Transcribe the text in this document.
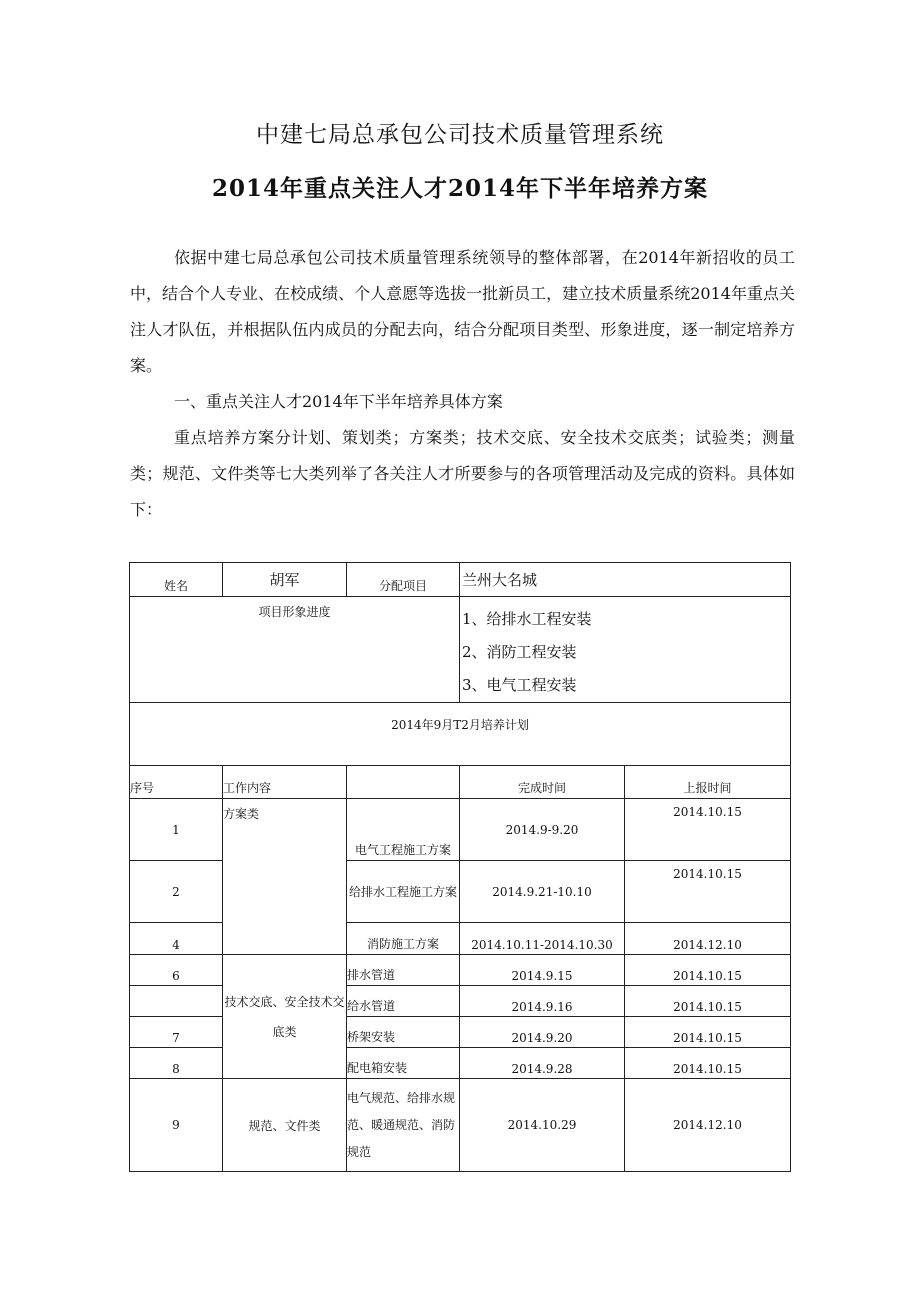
中建七局总承包公司技术质量管理系统
2014年重点关注人才2014年下半年培养方案
依据中建七局总承包公司技术质量管理系统领导的整体部署，在2014年新招收的员工中，结合个人专业、在校成绩、个人意愿等选拔一批新员工，建立技术质量系统2014年重点关注人才队伍，并根据队伍内成员的分配去向，结合分配项目类型、形象进度，逐一制定培养方案。
一、重点关注人才2014年下半年培养具体方案
重点培养方案分计划、策划类；方案类；技术交底、安全技术交底类；试验类；测量类；规范、文件类等七大类列举了各关注人才所要参与的各项管理活动及完成的资料。具体如下：
姓名	胡军	分配项目	兰州大名城	
项目形象进度			1、给排水工程安装
2、消防工程安装
3、电气工程安装	

2014年9月T2月培养计划				
序号	工作内容		完成时间	上报时间
1	方案类	电气工程施工方案	2014.9-9.20	2014.10.15
2		给排水工程施工方案	2014.9.21-10.10	2014.10.15
4		消防施工方案	2014.10.11-2014.10.30	2014.12.10
6	技术交底、安全技术交底类	排水管道	2014.9.15	2014.10.15
		给水管道	2014.9.16	2014.10.15
7		桥架安装	2014.9.20	2014.10.15
8		配电箱安装	2014.9.28	2014.10.15
9	规范、文件类	电气规范、给排水规范、暖通规范、消防规范	2014.10.29	2014.12.10
